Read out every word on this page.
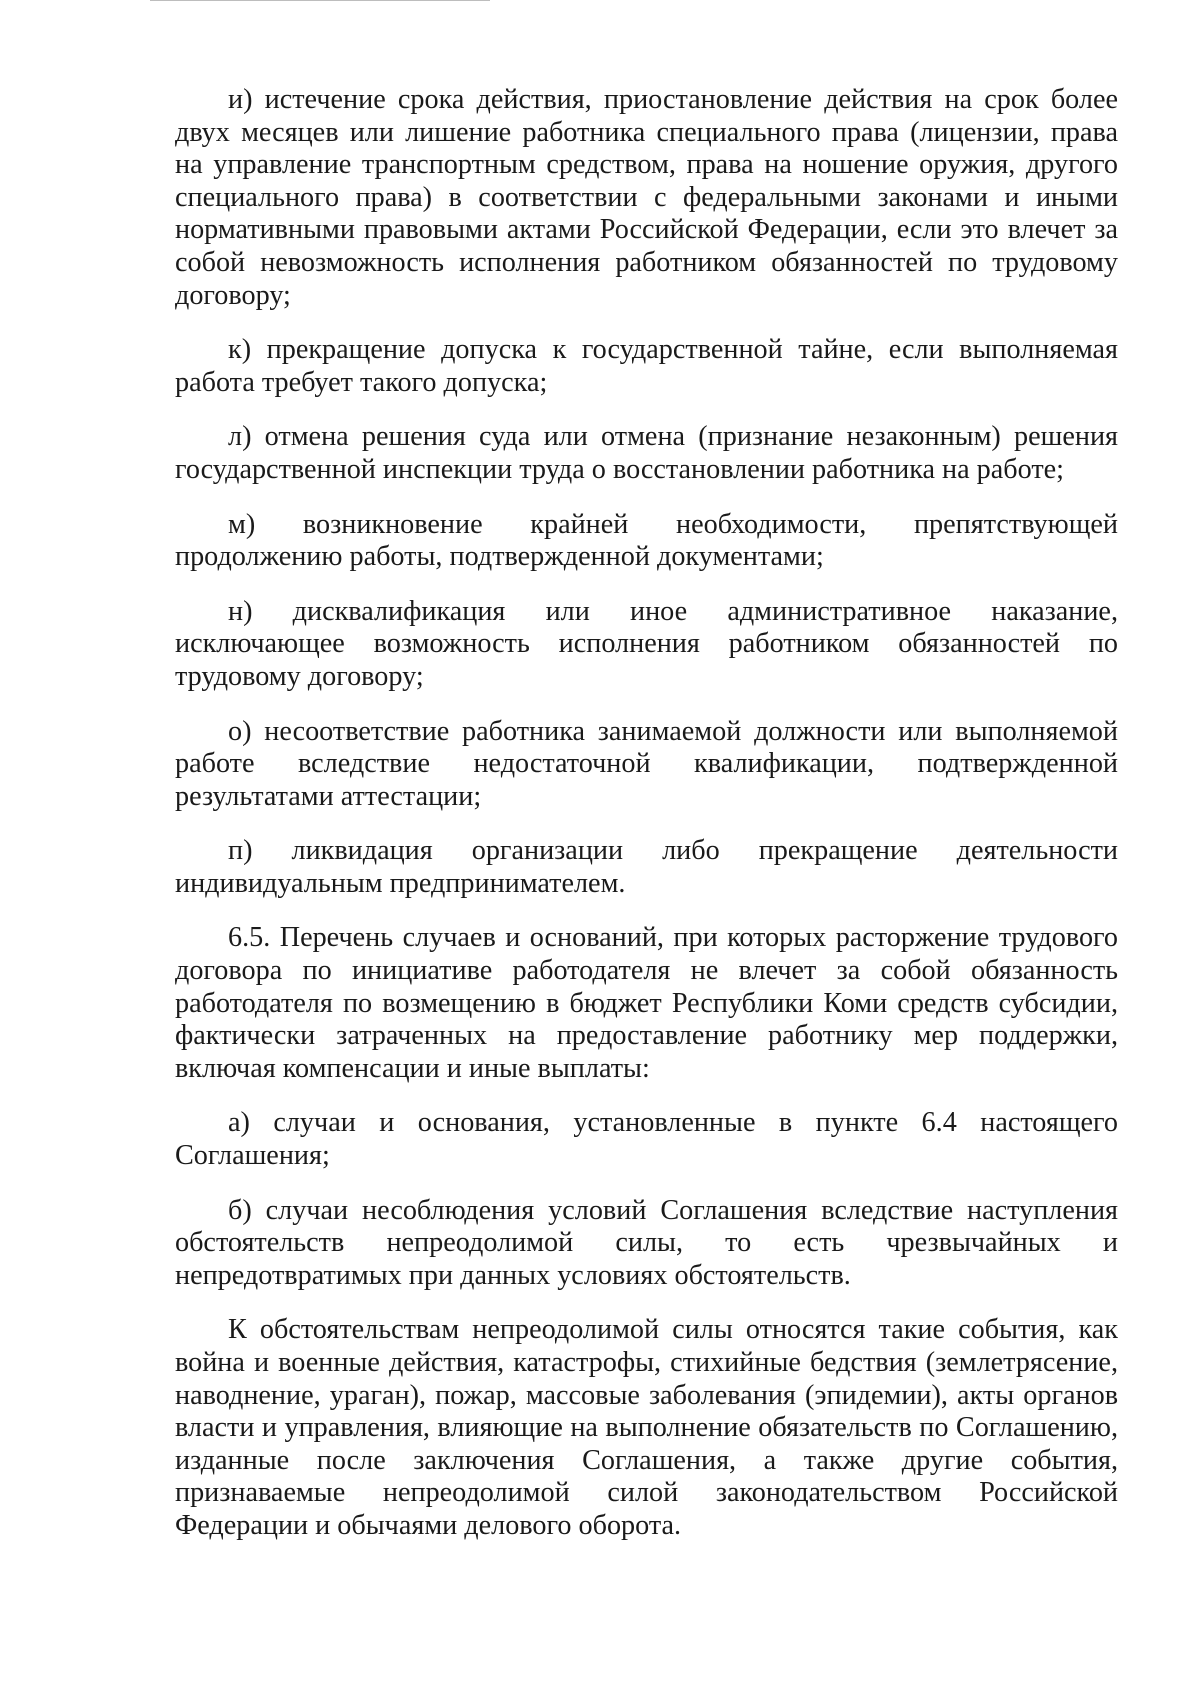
и) истечение срока действия, приостановление действия на срок более двух месяцев или лишение работника специального права (лицензии, права на управление транспортным средством, права на ношение оружия, другого специального права) в соответствии с федеральными законами и иными нормативными правовыми актами Российской Федерации, если это влечет за собой невозможность исполнения работником обязанностей по трудовому договору;

к) прекращение допуска к государственной тайне, если выполняемая работа требует такого допуска;

л) отмена решения суда или отмена (признание незаконным) решения государственной инспекции труда о восстановлении работника на работе;

м) возникновение крайней необходимости, препятствующей продолжению работы, подтвержденной документами;

н) дисквалификация или иное административное наказание, исключающее возможность исполнения работником обязанностей по трудовому договору;

о) несоответствие работника занимаемой должности или выполняемой работе вследствие недостаточной квалификации, подтвержденной результатами аттестации;

п) ликвидация организации либо прекращение деятельности индивидуальным предпринимателем.

6.5. Перечень случаев и оснований, при которых расторжение трудового договора по инициативе работодателя не влечет за собой обязанность работодателя по возмещению в бюджет Республики Коми средств субсидии, фактически затраченных на предоставление работнику мер поддержки, включая компенсации и иные выплаты:

а) случаи и основания, установленные в пункте 6.4 настоящего Соглашения;

б) случаи несоблюдения условий Соглашения вследствие наступления обстоятельств непреодолимой силы, то есть чрезвычайных и непредотвратимых при данных условиях обстоятельств.

К обстоятельствам непреодолимой силы относятся такие события, как война и военные действия, катастрофы, стихийные бедствия (землетрясение, наводнение, ураган), пожар, массовые заболевания (эпидемии), акты органов власти и управления, влияющие на выполнение обязательств по Соглашению, изданные после заключения Соглашения, а также другие события, признаваемые непреодолимой силой законодательством Российской Федерации и обычаями делового оборота.
